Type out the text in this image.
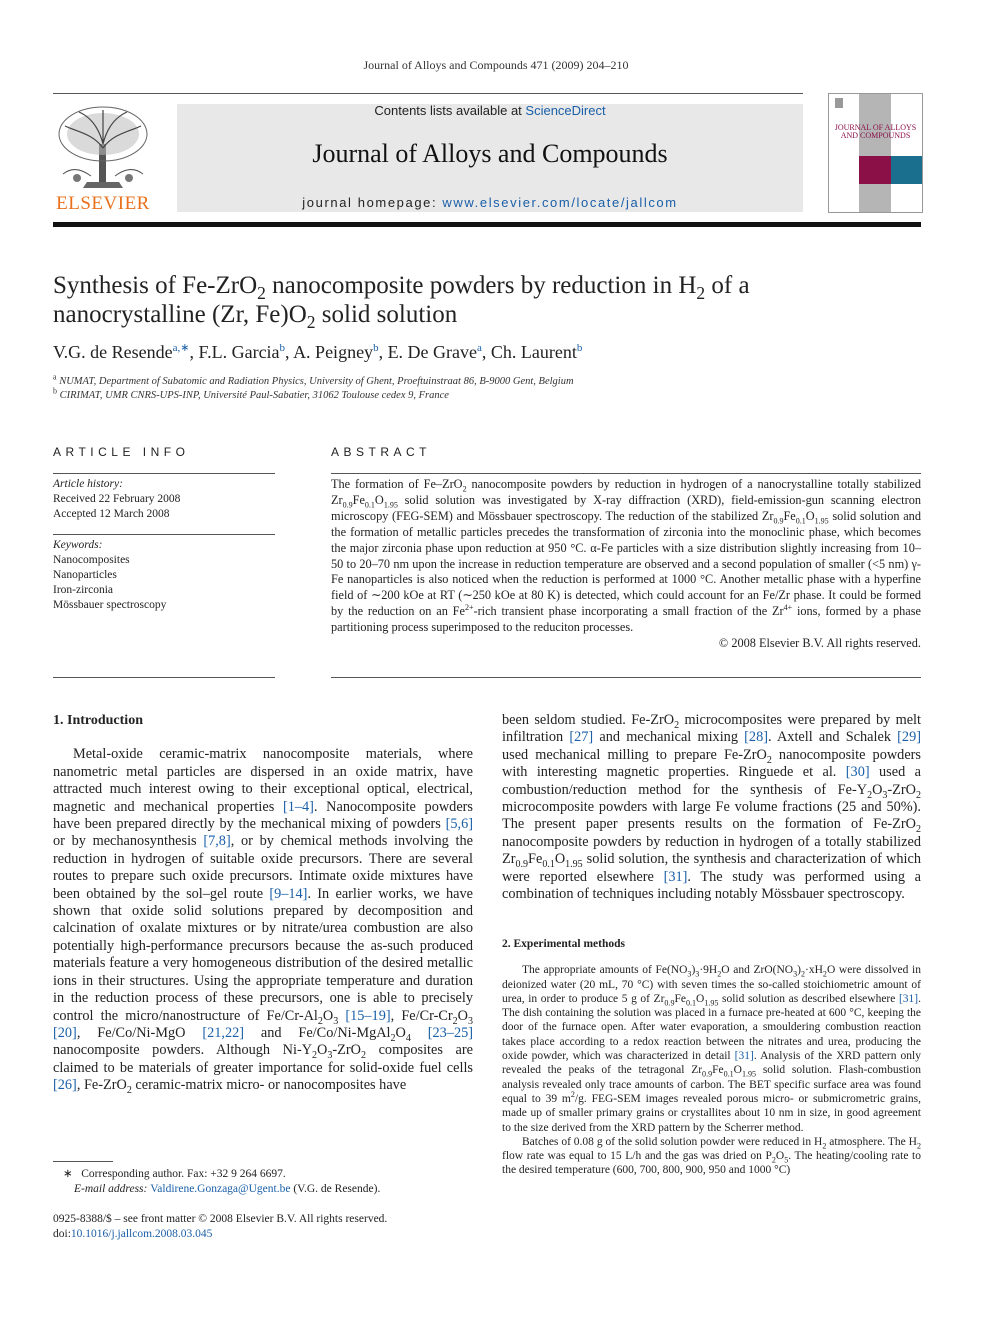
Journal of Alloys and Compounds 471 (2009) 204–210
ELSEVIER
Contents lists available at ScienceDirect
Journal of Alloys and Compounds
journal homepage: www.elsevier.com/locate/jallcom
JOURNAL OF ALLOYS AND COMPOUNDS
Synthesis of Fe-ZrO$_2$ nanocomposite powders by reduction in $H_2$ of a
nanocrystalline (Zr, $Fe)O_2$ solid solution
V.G. de Resende$^{a,∗}$, F.L. Garcia$^b$, A. Peigney$^b$, E. De Grave$^a$, Ch. Laurent$^b$
$^a$ NUMAT, Department of Subatomic and Radiation Physics, University of Ghent, Proeftuinstraat 86, B-9000 Gent, Belgium
$^b$ CIRIMAT, UMR CNRS-UPS-INP, Université Paul-Sabatier, 31062 Toulouse cedex 9, France
ARTICLE INFO
Article history:
Received 22 February 2008
Accepted 12 March 2008
Keywords:
Nanocomposites
Nanoparticles
Iron-zirconia
Mössbauer spectroscopy
ABSTRACT
The formation of Fe–ZrO$_2$ nanocomposite powders by reduction in hydrogen of a nanocrystalline totally stabilized $Zr_{0.9}Fe_{0.1}O_{1.95}$ solid solution was investigated by X-ray diffraction (XRD), field-emission-gun scanning electron microscopy (FEG-SEM) and Mössbauer spectroscopy. The reduction of the stabilized $Zr_{0.9}Fe_{0.1}O_{1.95}$ solid solution and the formation of metallic particles precedes the transformation of zirconia into the monoclinic phase, which becomes the major zirconia phase upon reduction at 950 °C. α-Fe particles with a size distribution slightly increasing from 10–50 to 20–70 nm upon the increase in reduction temperature are observed and a second population of smaller (<5 nm) γ-Fe nanoparticles is also noticed when the reduction is performed at 1000 °C. Another metallic phase with a hyperfine field of ∼200 kOe at RT (∼250 kOe at 80 K) is detected, which could account for an Fe/Zr phase. It could be formed by the reduction on an $Fe^{2+}$-rich transient phase incorporating a small fraction of the $Zr^{4+}$ ions, formed by a phase partitioning process superimposed to the reduciton processes.
© 2008 Elsevier B.V. All rights reserved.
1. Introduction

Metal-oxide ceramic-matrix nanocomposite materials, where nanometric metal particles are dispersed in an oxide matrix, have attracted much interest owing to their exceptional optical, electrical, magnetic and mechanical properties [1–4]. Nanocomposite powders have been prepared directly by the mechanical mixing of powders [5,6] or by mechanosynthesis [7,8], or by chemical methods involving the reduction in hydrogen of suitable oxide precursors. There are several routes to prepare such oxide precursors. Intimate oxide mixtures have been obtained by the sol–gel route [9–14]. In earlier works, we have shown that oxide solid solutions prepared by decomposition and calcination of oxalate mixtures or by nitrate/urea combustion are also potentially high-performance precursors because the as-such produced materials feature a very homogeneous distribution of the desired metallic ions in their structures. Using the appropriate temperature and duration in the reduction process of these precursors, one is able to precisely control the micro/nanostructure of $Fe/Cr-Al_2O_3$ [15–19], $Fe/Cr-Cr_2O_3$ [20], Fe/Co/Ni-MgO [21,22] and $Fe/Co/Ni-MgAl_2O_4$ [23–25] nanocomposite powders. Although $Ni-Y_2O_3-ZrO_2$ composites are claimed to be materials of greater importance for solid-oxide fuel cells [26], Fe-ZrO$_2$ ceramic-matrix micro- or nanocomposites have

been seldom studied. Fe-ZrO$_2$ microcomposites were prepared by melt infiltration [27] and mechanical mixing [28]. Axtell and Schalek [29] used mechanical milling to prepare Fe-ZrO$_2$ nanocomposite powders with interesting magnetic properties. Ringuede et al. [30] used a combustion/reduction method for the synthesis of $Fe-Y_2O_3-ZrO_2$ microcomposite powders with large Fe volume fractions (25 and 50%). The present paper presents results on the formation of Fe-ZrO$_2$ nanocomposite powders by reduction in hydrogen of a totally stabilized $Zr_{0.9}Fe_{0.1}O_{1.95}$ solid solution, the synthesis and characterization of which were reported elsewhere [31]. The study was performed using a combination of techniques including notably Mössbauer spectroscopy.

2. Experimental methods

The appropriate amounts of $Fe(NO_3)_3\cdot 9H_2O$ and $ZrO(NO_3)_2\cdot xH_2O$ were dissolved in deionized water (20 mL, 70 °C) with seven times the so-called stoichiometric amount of urea, in order to produce 5 g of $Zr_{0.9}Fe_{0.1}O_{1.95}$ solid solution as described elsewhere [31]. The dish containing the solution was placed in a furnace pre-heated at 600 °C, keeping the door of the furnace open. After water evaporation, a smouldering combustion reaction takes place according to a redox reaction between the nitrates and urea, producing the oxide powder, which was characterized in detail [31]. Analysis of the XRD pattern only revealed the peaks of the tetragonal $Zr_{0.9}Fe_{0.1}O_{1.95}$ solid solution. Flash-combustion analysis revealed only trace amounts of carbon. The BET specific surface area was found equal to 39 $m^2/g$. FEG-SEM images revealed porous micro- or submicrometric grains, made up of smaller primary grains or crystallites about 10 nm in size, in good agreement to the size derived from the XRD pattern by the Scherrer method.

Batches of 0.08 g of the solid solution powder were reduced in $H_2$ atmosphere. The $H_2$ flow rate was equal to 15 L/h and the gas was dried on $P_2O_5$. The heating/cooling rate to the desired temperature (600, 700, 800, 900, 950 and 1000 °C)

∗ Corresponding author. Fax: +32 9 264 6697.
E-mail address: Valdirene.Gonzaga@Ugent.be (V.G. de Resende).
0925-8388/$ – see front matter © 2008 Elsevier B.V. All rights reserved.
doi:10.1016/j.jallcom.2008.03.045
